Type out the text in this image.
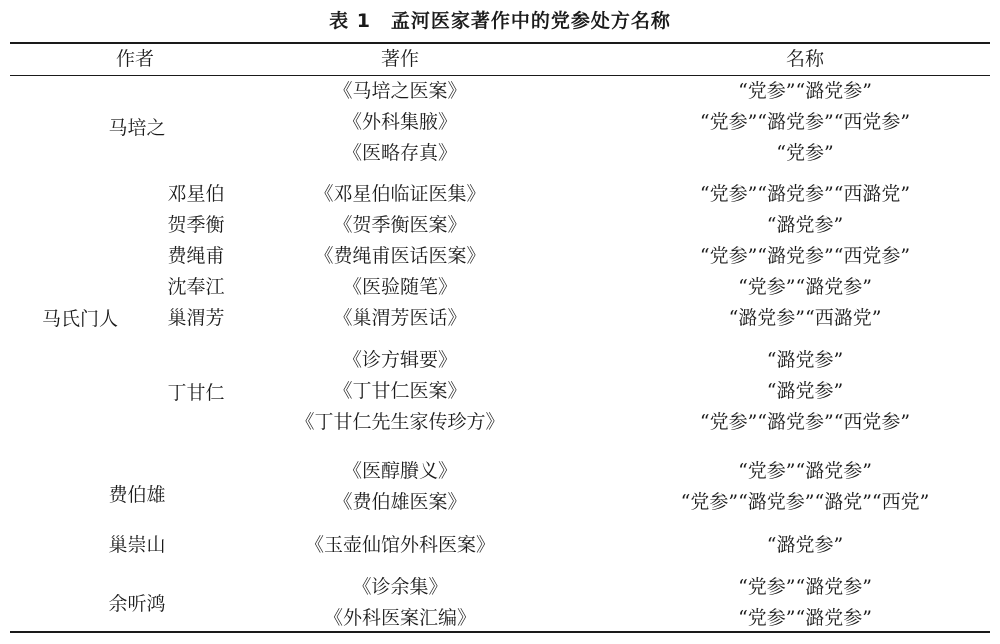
表 1　孟河医家著作中的党参处方名称
作者	著作	名称
马培之
马氏门人
费伯雄
巢崇山
余听鸿
邓星伯
贺季衡
费绳甫
沈奉江
巢渭芳
丁甘仁
《马培之医案》
《外科集腋》
《医略存真》
《邓星伯临证医集》
《贺季衡医案》
《费绳甫医话医案》
《医验随笔》
《巢渭芳医话》
《诊方辑要》
《丁甘仁医案》
《丁甘仁先生家传珍方》
《医醇賸义》
《费伯雄医案》
《玉壶仙馆外科医案》
《诊余集》
《外科医案汇编》
“党参”“潞党参”
“党参”“潞党参”“西党参”
“党参”
“党参”“潞党参”“西潞党”
“潞党参”
“党参”“潞党参”“西党参”
“党参”“潞党参”
“潞党参”“西潞党”
“潞党参”
“潞党参”
“党参”“潞党参”“西党参”
“党参”“潞党参”
“党参”“潞党参”“潞党”“西党”
“潞党参”
“党参”“潞党参”
“党参”“潞党参”
